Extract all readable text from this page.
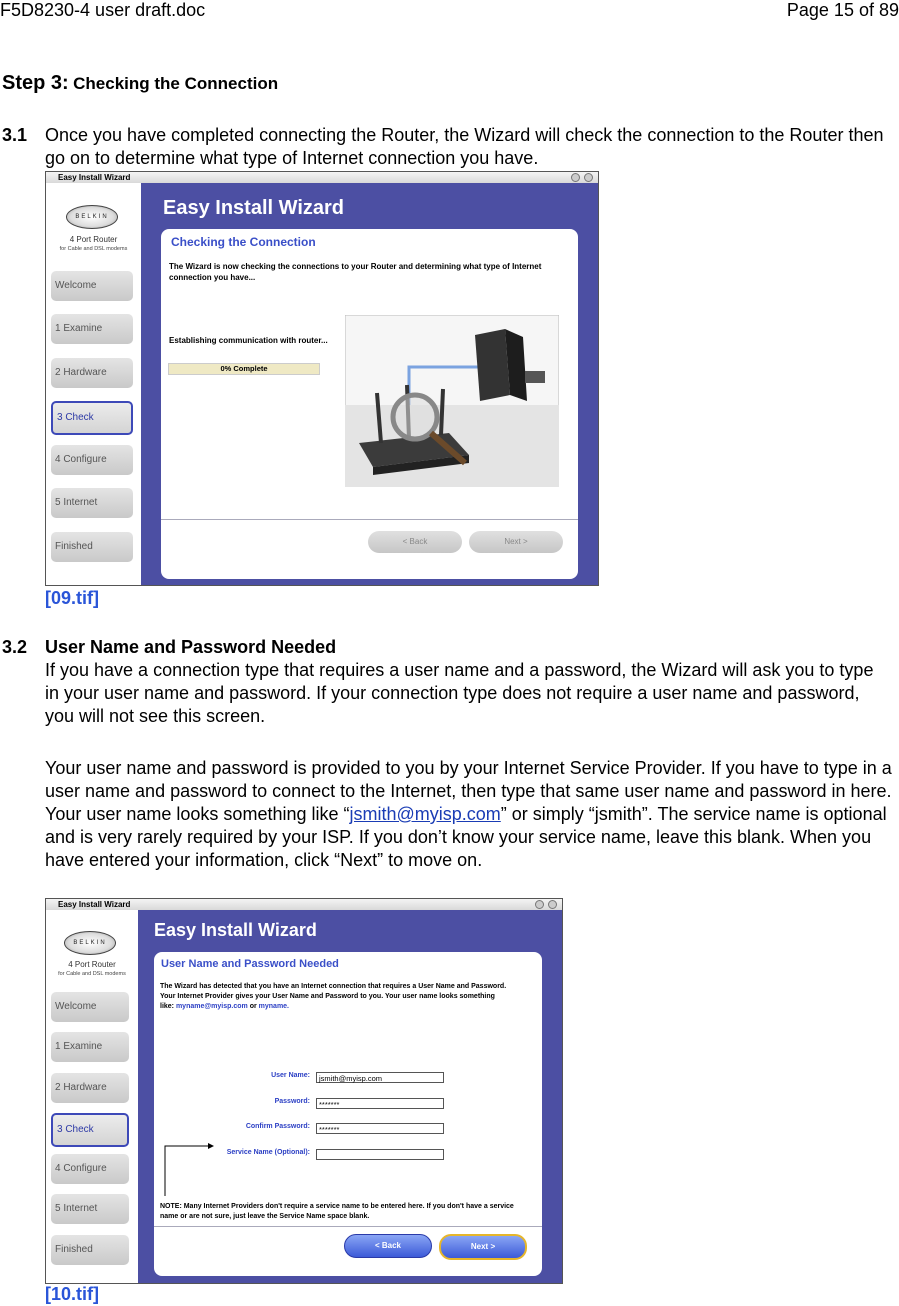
F5D8230-4 user draft.doc	Page 15 of 89
Step 3: Checking the Connection
3.1 Once you have completed connecting the Router, the Wizard will check the connection to the Router then go on to determine what type of Internet connection you have.
Easy Install Wizard
BELKIN
4 Port Router
for Cable and DSL modems
Welcome
1 Examine
2 Hardware
3 Check
4 Configure
5 Internet
Finished
Easy Install Wizard
Checking the Connection
The Wizard is now checking the connections to your Router and determining what type of Internet connection you have...
Establishing communication with router...
0% Complete
< Back	Next >
[09.tif]
3.2 User Name and Password Needed
If you have a connection type that requires a user name and a password, the Wizard will ask you to type in your user name and password. If your connection type does not require a user name and password, you will not see this screen.
Your user name and password is provided to you by your Internet Service Provider. If you have to type in a user name and password to connect to the Internet, then type that same user name and password in here. Your user name looks something like “jsmith@myisp.com” or simply “jsmith”. The service name is optional and is very rarely required by your ISP. If you don’t know your service name, leave this blank. When you have entered your information, click “Next” to move on.
Easy Install Wizard
BELKIN
4 Port Router
for Cable and DSL modems
Welcome
1 Examine
2 Hardware
3 Check
4 Configure
5 Internet
Finished
Easy Install Wizard
User Name and Password Needed
The Wizard has detected that you have an Internet connection that requires a User Name and Password. Your Internet Provider gives your User Name and Password to you. Your user name looks something like: myname@myisp.com or myname.
User Name:	jsmith@myisp.com
Password:	*******
Confirm Password:	*******
Service Name (Optional):
NOTE: Many Internet Providers don't require a service name to be entered here. If you don't have a service name or are not sure, just leave the Service Name space blank.
< Back	Next >
[10.tif]
